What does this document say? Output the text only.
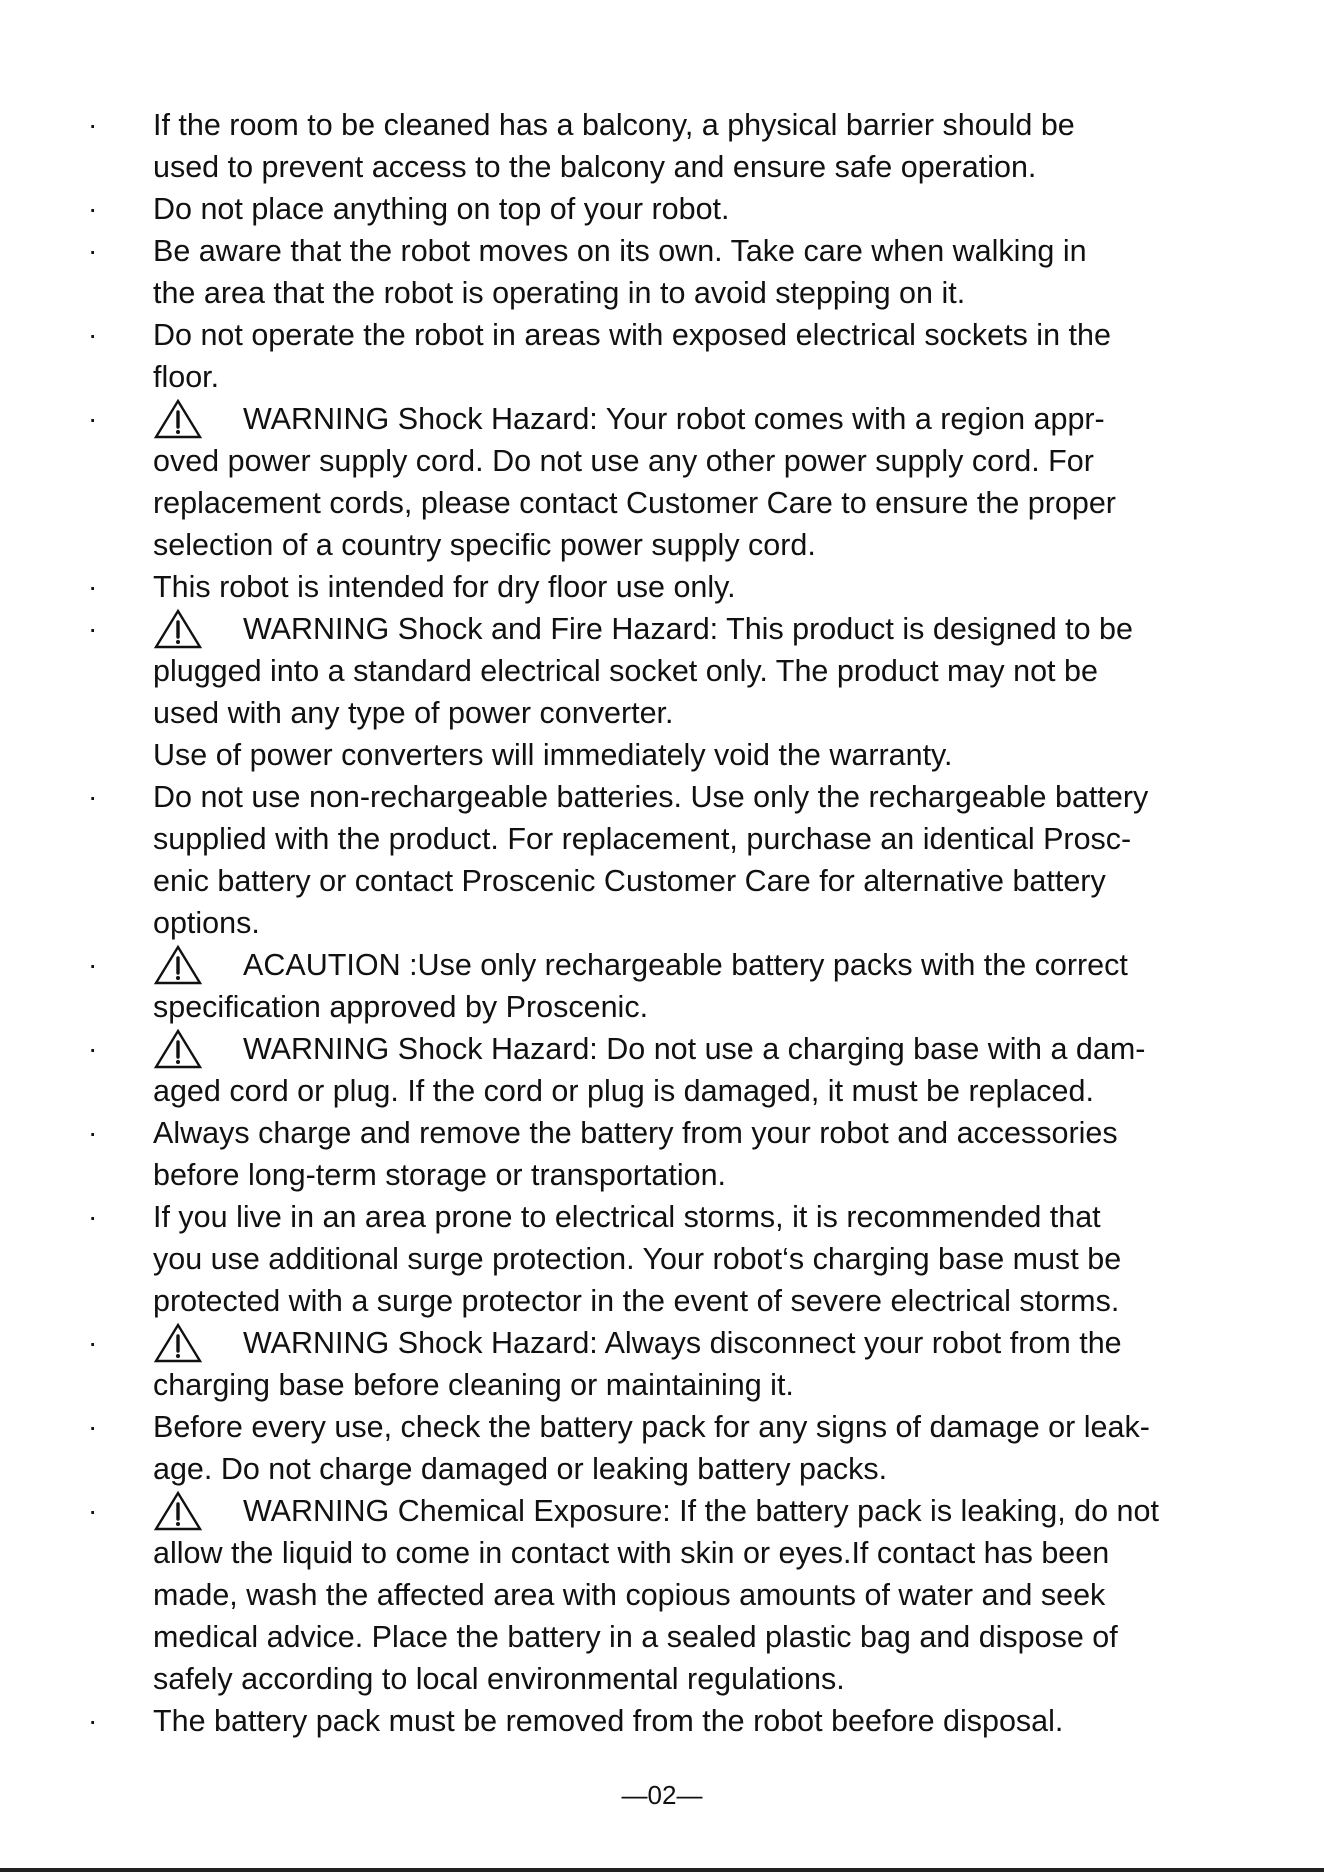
· If the room to be cleaned has a balcony, a physical barrier should be
used to prevent access to the balcony and ensure safe operation.
· Do not place anything on top of your robot.
· Be aware that the robot moves on its own. Take care when walking in
the area that the robot is operating in to avoid stepping on it.
· Do not operate the robot in areas with exposed electrical sockets in the
floor.
·	WARNING Shock Hazard: Your robot comes with a region appr-
oved power supply cord. Do not use any other power supply cord. For
replacement cords, please contact Customer Care to ensure the proper
selection of a country specific power supply cord.
· This robot is intended for dry floor use only.
·	WARNING Shock and Fire Hazard: This product is designed to be
plugged into a standard electrical socket only. The product may not be
used with any type of power converter.
Use of power converters will immediately void the warranty.
· Do not use non-rechargeable batteries. Use only the rechargeable battery
supplied with the product. For replacement, purchase an identical Prosc-
enic battery or contact Proscenic Customer Care for alternative battery
options.
·	ACAUTION :Use only rechargeable battery packs with the correct
specification approved by Proscenic.
·	WARNING Shock Hazard: Do not use a charging base with a dam-
aged cord or plug. If the cord or plug is damaged, it must be replaced.
· Always charge and remove the battery from your robot and accessories
before long-term storage or transportation.
· If you live in an area prone to electrical storms, it is recommended that
you use additional surge protection. Your robot‘s charging base must be
protected with a surge protector in the event of severe electrical storms.
·	WARNING Shock Hazard: Always disconnect your robot from the
charging base before cleaning or maintaining it.
· Before every use, check the battery pack for any signs of damage or leak-
age. Do not charge damaged or leaking battery packs.
·	WARNING Chemical Exposure: If the battery pack is leaking, do not
allow the liquid to come in contact with skin or eyes.If contact has been
made, wash the affected area with copious amounts of water and seek
medical advice. Place the battery in a sealed plastic bag and dispose of
safely according to local environmental regulations.
· The battery pack must be removed from the robot beefore disposal.
—02—
